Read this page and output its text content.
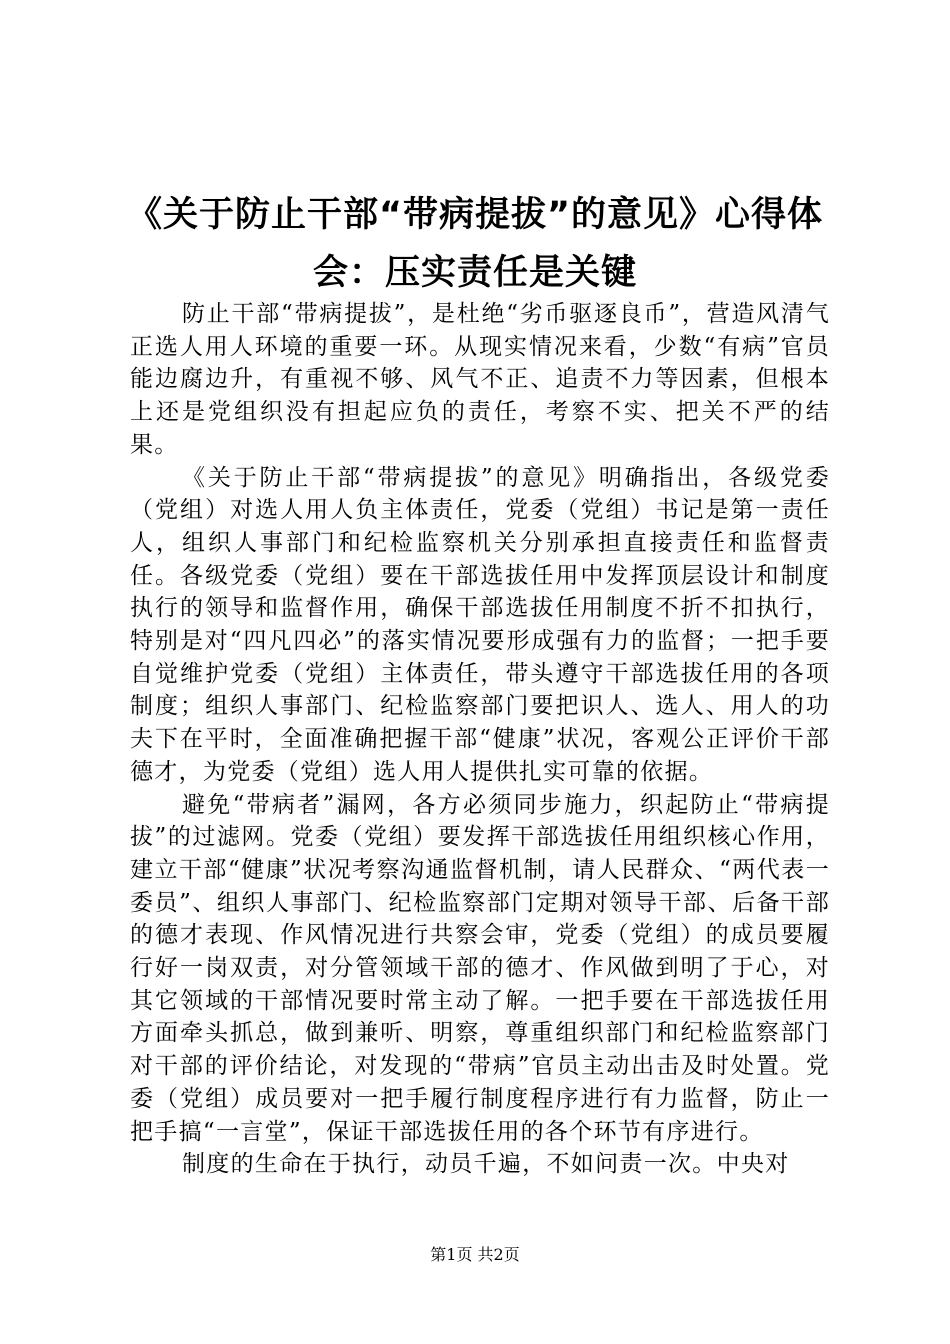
《关于防止干部“带病提拔”的意见》心得体会：压实责任是关键

防止干部“带病提拔”，是杜绝“劣币驱逐良币”，营造风清气正选人用人环境的重要一环。从现实情况来看，少数“有病”官员能边腐边升，有重视不够、风气不正、追责不力等因素，但根本上还是党组织没有担起应负的责任，考察不实、把关不严的结果。

《关于防止干部“带病提拔”的意见》明确指出，各级党委（党组）对选人用人负主体责任，党委（党组）书记是第一责任人，组织人事部门和纪检监察机关分别承担直接责任和监督责任。各级党委（党组）要在干部选拔任用中发挥顶层设计和制度执行的领导和监督作用，确保干部选拔任用制度不折不扣执行，特别是对“四凡四必”的落实情况要形成强有力的监督；一把手要自觉维护党委（党组）主体责任，带头遵守干部选拔任用的各项制度；组织人事部门、纪检监察部门要把识人、选人、用人的功夫下在平时，全面准确把握干部“健康”状况，客观公正评价干部德才，为党委（党组）选人用人提供扎实可靠的依据。

避免“带病者”漏网，各方必须同步施力，织起防止“带病提拔”的过滤网。党委（党组）要发挥干部选拔任用组织核心作用，建立干部“健康”状况考察沟通监督机制，请人民群众、“两代表一委员”、组织人事部门、纪检监察部门定期对领导干部、后备干部的德才表现、作风情况进行共察会审，党委（党组）的成员要履行好一岗双责，对分管领域干部的德才、作风做到明了于心，对其它领域的干部情况要时常主动了解。一把手要在干部选拔任用方面牵头抓总，做到兼听、明察，尊重组织部门和纪检监察部门对干部的评价结论，对发现的“带病”官员主动出击及时处置。党委（党组）成员要对一把手履行制度程序进行有力监督，防止一把手搞“一言堂”，保证干部选拔任用的各个环节有序进行。

制度的生命在于执行，动员千遍，不如问责一次。中央对

第1页 共2页
